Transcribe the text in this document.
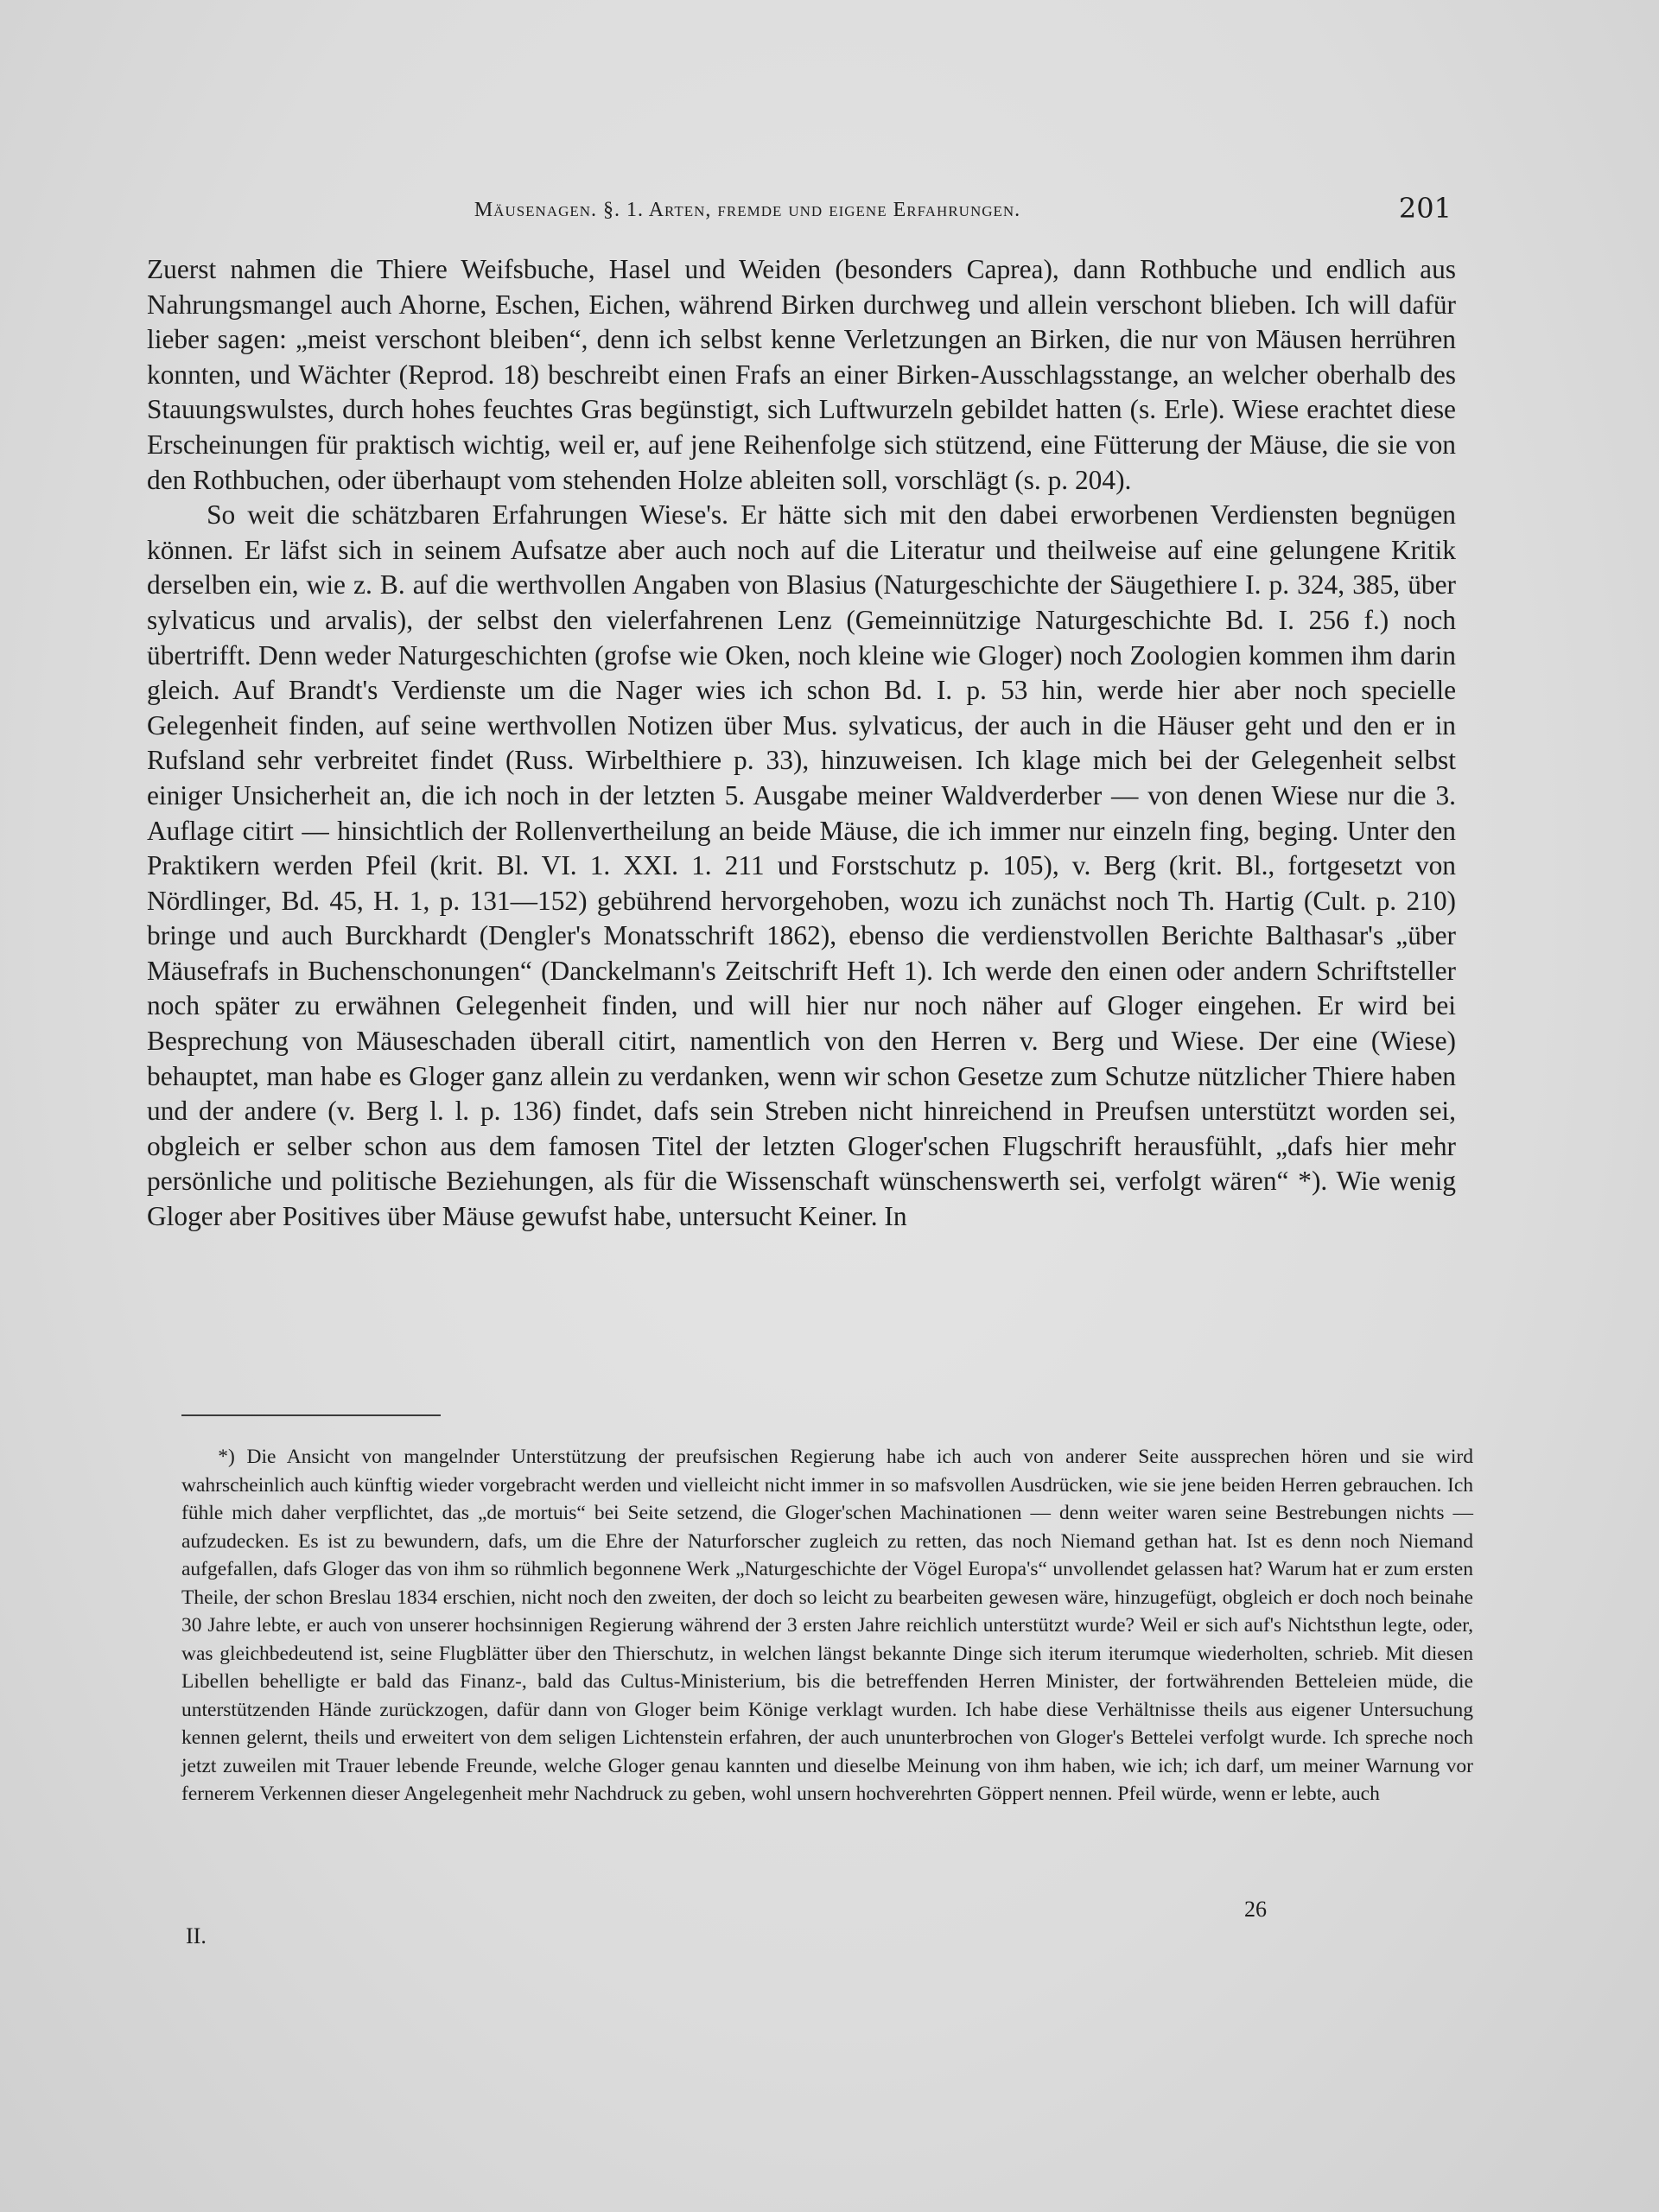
Mäusenagen. §. 1. Arten, fremde und eigene Erfahrungen.	201

Zuerst nahmen die Thiere Weifsbuche, Hasel und Weiden (besonders Caprea), dann Rothbuche und endlich aus Nahrungsmangel auch Ahorne, Eschen, Eichen, während Birken durchweg und allein verschont blieben. Ich will dafür lieber sagen: „meist verschont bleiben“, denn ich selbst kenne Verletzungen an Birken, die nur von Mäusen herrühren konnten, und Wächter (Reprod. 18) beschreibt einen Frafs an einer Birken-Ausschlagsstange, an welcher oberhalb des Stauungswulstes, durch hohes feuchtes Gras begünstigt, sich Luftwurzeln gebildet hatten (s. Erle). Wiese erachtet diese Erscheinungen für praktisch wichtig, weil er, auf jene Reihenfolge sich stützend, eine Fütterung der Mäuse, die sie von den Rothbuchen, oder überhaupt vom stehenden Holze ableiten soll, vorschlägt (s. p. 204).

So weit die schätzbaren Erfahrungen Wiese's. Er hätte sich mit den dabei erworbenen Verdiensten begnügen können. Er läfst sich in seinem Aufsatze aber auch noch auf die Literatur und theilweise auf eine gelungene Kritik derselben ein, wie z. B. auf die werthvollen Angaben von Blasius (Naturgeschichte der Säugethiere I. p. 324, 385, über sylvaticus und arvalis), der selbst den vielerfahrenen Lenz (Gemeinnützige Naturgeschichte Bd. I. 256 f.) noch übertrifft. Denn weder Naturgeschichten (grofse wie Oken, noch kleine wie Gloger) noch Zoologien kommen ihm darin gleich. Auf Brandt's Verdienste um die Nager wies ich schon Bd. I. p. 53 hin, werde hier aber noch specielle Gelegenheit finden, auf seine werthvollen Notizen über Mus. sylvaticus, der auch in die Häuser geht und den er in Rufsland sehr verbreitet findet (Russ. Wirbelthiere p. 33), hinzuweisen. Ich klage mich bei der Gelegenheit selbst einiger Unsicherheit an, die ich noch in der letzten 5. Ausgabe meiner Waldverderber — von denen Wiese nur die 3. Auflage citirt — hinsichtlich der Rollenvertheilung an beide Mäuse, die ich immer nur einzeln fing, beging. Unter den Praktikern werden Pfeil (krit. Bl. VI. 1. XXI. 1. 211 und Forstschutz p. 105), v. Berg (krit. Bl., fortgesetzt von Nördlinger, Bd. 45, H. 1, p. 131—152) gebührend hervorgehoben, wozu ich zunächst noch Th. Hartig (Cult. p. 210) bringe und auch Burckhardt (Dengler's Monatsschrift 1862), ebenso die verdienstvollen Berichte Balthasar's „über Mäusefrafs in Buchenschonungen“ (Danckelmann's Zeitschrift Heft 1). Ich werde den einen oder andern Schriftsteller noch später zu erwähnen Gelegenheit finden, und will hier nur noch näher auf Gloger eingehen. Er wird bei Besprechung von Mäuseschaden überall citirt, namentlich von den Herren v. Berg und Wiese. Der eine (Wiese) behauptet, man habe es Gloger ganz allein zu verdanken, wenn wir schon Gesetze zum Schutze nützlicher Thiere haben und der andere (v. Berg l. l. p. 136) findet, dafs sein Streben nicht hinreichend in Preufsen unterstützt worden sei, obgleich er selber schon aus dem famosen Titel der letzten Gloger'schen Flugschrift herausfühlt, „dafs hier mehr persönliche und politische Beziehungen, als für die Wissenschaft wünschenswerth sei, verfolgt wären“ *). Wie wenig Gloger aber Positives über Mäuse gewufst habe, untersucht Keiner. In

*) Die Ansicht von mangelnder Unterstützung der preufsischen Regierung habe ich auch von anderer Seite aussprechen hören und sie wird wahrscheinlich auch künftig wieder vorgebracht werden und vielleicht nicht immer in so mafsvollen Ausdrücken, wie sie jene beiden Herren gebrauchen. Ich fühle mich daher verpflichtet, das „de mortuis“ bei Seite setzend, die Gloger'schen Machinationen — denn weiter waren seine Bestrebungen nichts — aufzudecken. Es ist zu bewundern, dafs, um die Ehre der Naturforscher zugleich zu retten, das noch Niemand gethan hat. Ist es denn noch Niemand aufgefallen, dafs Gloger das von ihm so rühmlich begonnene Werk „Naturgeschichte der Vögel Europa's“ unvollendet gelassen hat? Warum hat er zum ersten Theile, der schon Breslau 1834 erschien, nicht noch den zweiten, der doch so leicht zu bearbeiten gewesen wäre, hinzugefügt, obgleich er doch noch beinahe 30 Jahre lebte, er auch von unserer hochsinnigen Regierung während der 3 ersten Jahre reichlich unterstützt wurde? Weil er sich auf's Nichtsthun legte, oder, was gleichbedeutend ist, seine Flugblätter über den Thierschutz, in welchen längst bekannte Dinge sich iterum iterumque wiederholten, schrieb. Mit diesen Libellen behelligte er bald das Finanz-, bald das Cultus-Ministerium, bis die betreffenden Herren Minister, der fortwährenden Betteleien müde, die unterstützenden Hände zurückzogen, dafür dann von Gloger beim Könige verklagt wurden. Ich habe diese Verhältnisse theils aus eigener Untersuchung kennen gelernt, theils und erweitert von dem seligen Lichtenstein erfahren, der auch ununterbrochen von Gloger's Bettelei verfolgt wurde. Ich spreche noch jetzt zuweilen mit Trauer lebende Freunde, welche Gloger genau kannten und dieselbe Meinung von ihm haben, wie ich; ich darf, um meiner Warnung vor fernerem Verkennen dieser Angelegenheit mehr Nachdruck zu geben, wohl unsern hochverehrten Göppert nennen. Pfeil würde, wenn er lebte, auch

26
II.
